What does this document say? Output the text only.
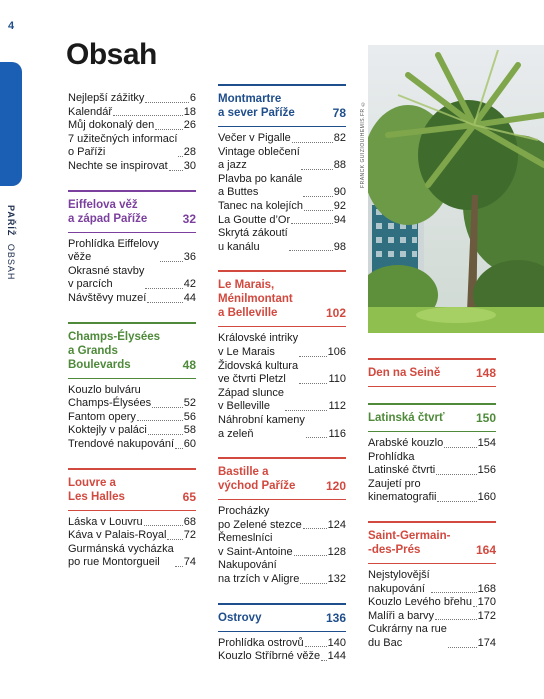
4
PAŘÍŽ OBSAH
Obsah
Nejlepší zážitky	6
Kalendář	18
Můj dokonalý den	26
7 užitečných informací
o Paříži	28
Nechte se inspirovat 30
Eiffelova věž
a západ Paříže	32
Prohlídka Eiffelovy
věže	36
Okrasné stavby
v parcích	42
Návštěvy muzeí	44
Champs-Élysées
a Grands
Boulevards	48
Kouzlo bulváru
Champs-Élysées	52
Fantom opery	56
Koktejly v paláci	58
Trendové nakupování 60
Louvre a
Les Halles	65
Láska v Louvru	68
Káva v Palais-Royal 72
Gurmánská vycházka
po rue Montorgueil	74
Montmartre
a sever Paříže	78
Večer v Pigalle	82
Vintage oblečení
a jazz	88
Plavba po kanále
a Buttes	90
Tanec na kolejích	92
La Goutte d’Or	94
Skrytá zákoutí
u kanálu	98
Le Marais,
Ménilmontant
a Belleville	102
Královské intriky
v Le Marais	106
Židovská kultura
ve čtvrti Pletzl	110
Západ slunce
v Belleville	112
Náhrobní kameny
a zeleň	116
Bastille a
východ Paříže	120
Procházky
po Zelené stezce 124
Řemeslníci
v Saint-Antoine	128
Nakupování
na trzích v Aligre	132
Ostrovy	136
Prohlídka ostrovů 140
Kouzlo Stříbrné věže 144
Den na Seině	148
Latinská čtvrť	150
Arabské kouzlo	154
Prohlídka
Latinské čtvrti	156
Zaujetí pro
kinematografii	160
Saint-Germain-
-des-Prés	164
Nejstylovější
nakupování	168
Kouzlo Levého břehu 170
Malíři a barvy	172
Cukrárny na rue
du Bac	174
FRANCK GUIZIOU/HEMIS.FR ©
